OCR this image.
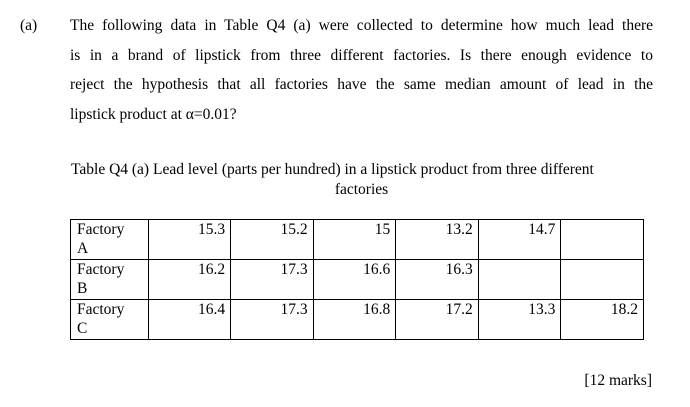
(a) The following data in Table Q4 (a) were collected to determine how much lead there
is in a brand of lipstick from three different factories. Is there enough evidence to
reject the hypothesis that all factories have the same median amount of lead in the
lipstick product at α=0.01?
Table Q4 (a) Lead level (parts per hundred) in a lipstick product from three different
factories
Factory
A	15.3	15.2	15	13.2	14.7	
Factory
B	16.2	17.3	16.6	16.3		
Factory
C	16.4	17.3	16.8	17.2	13.3	18.2
[12 marks]
